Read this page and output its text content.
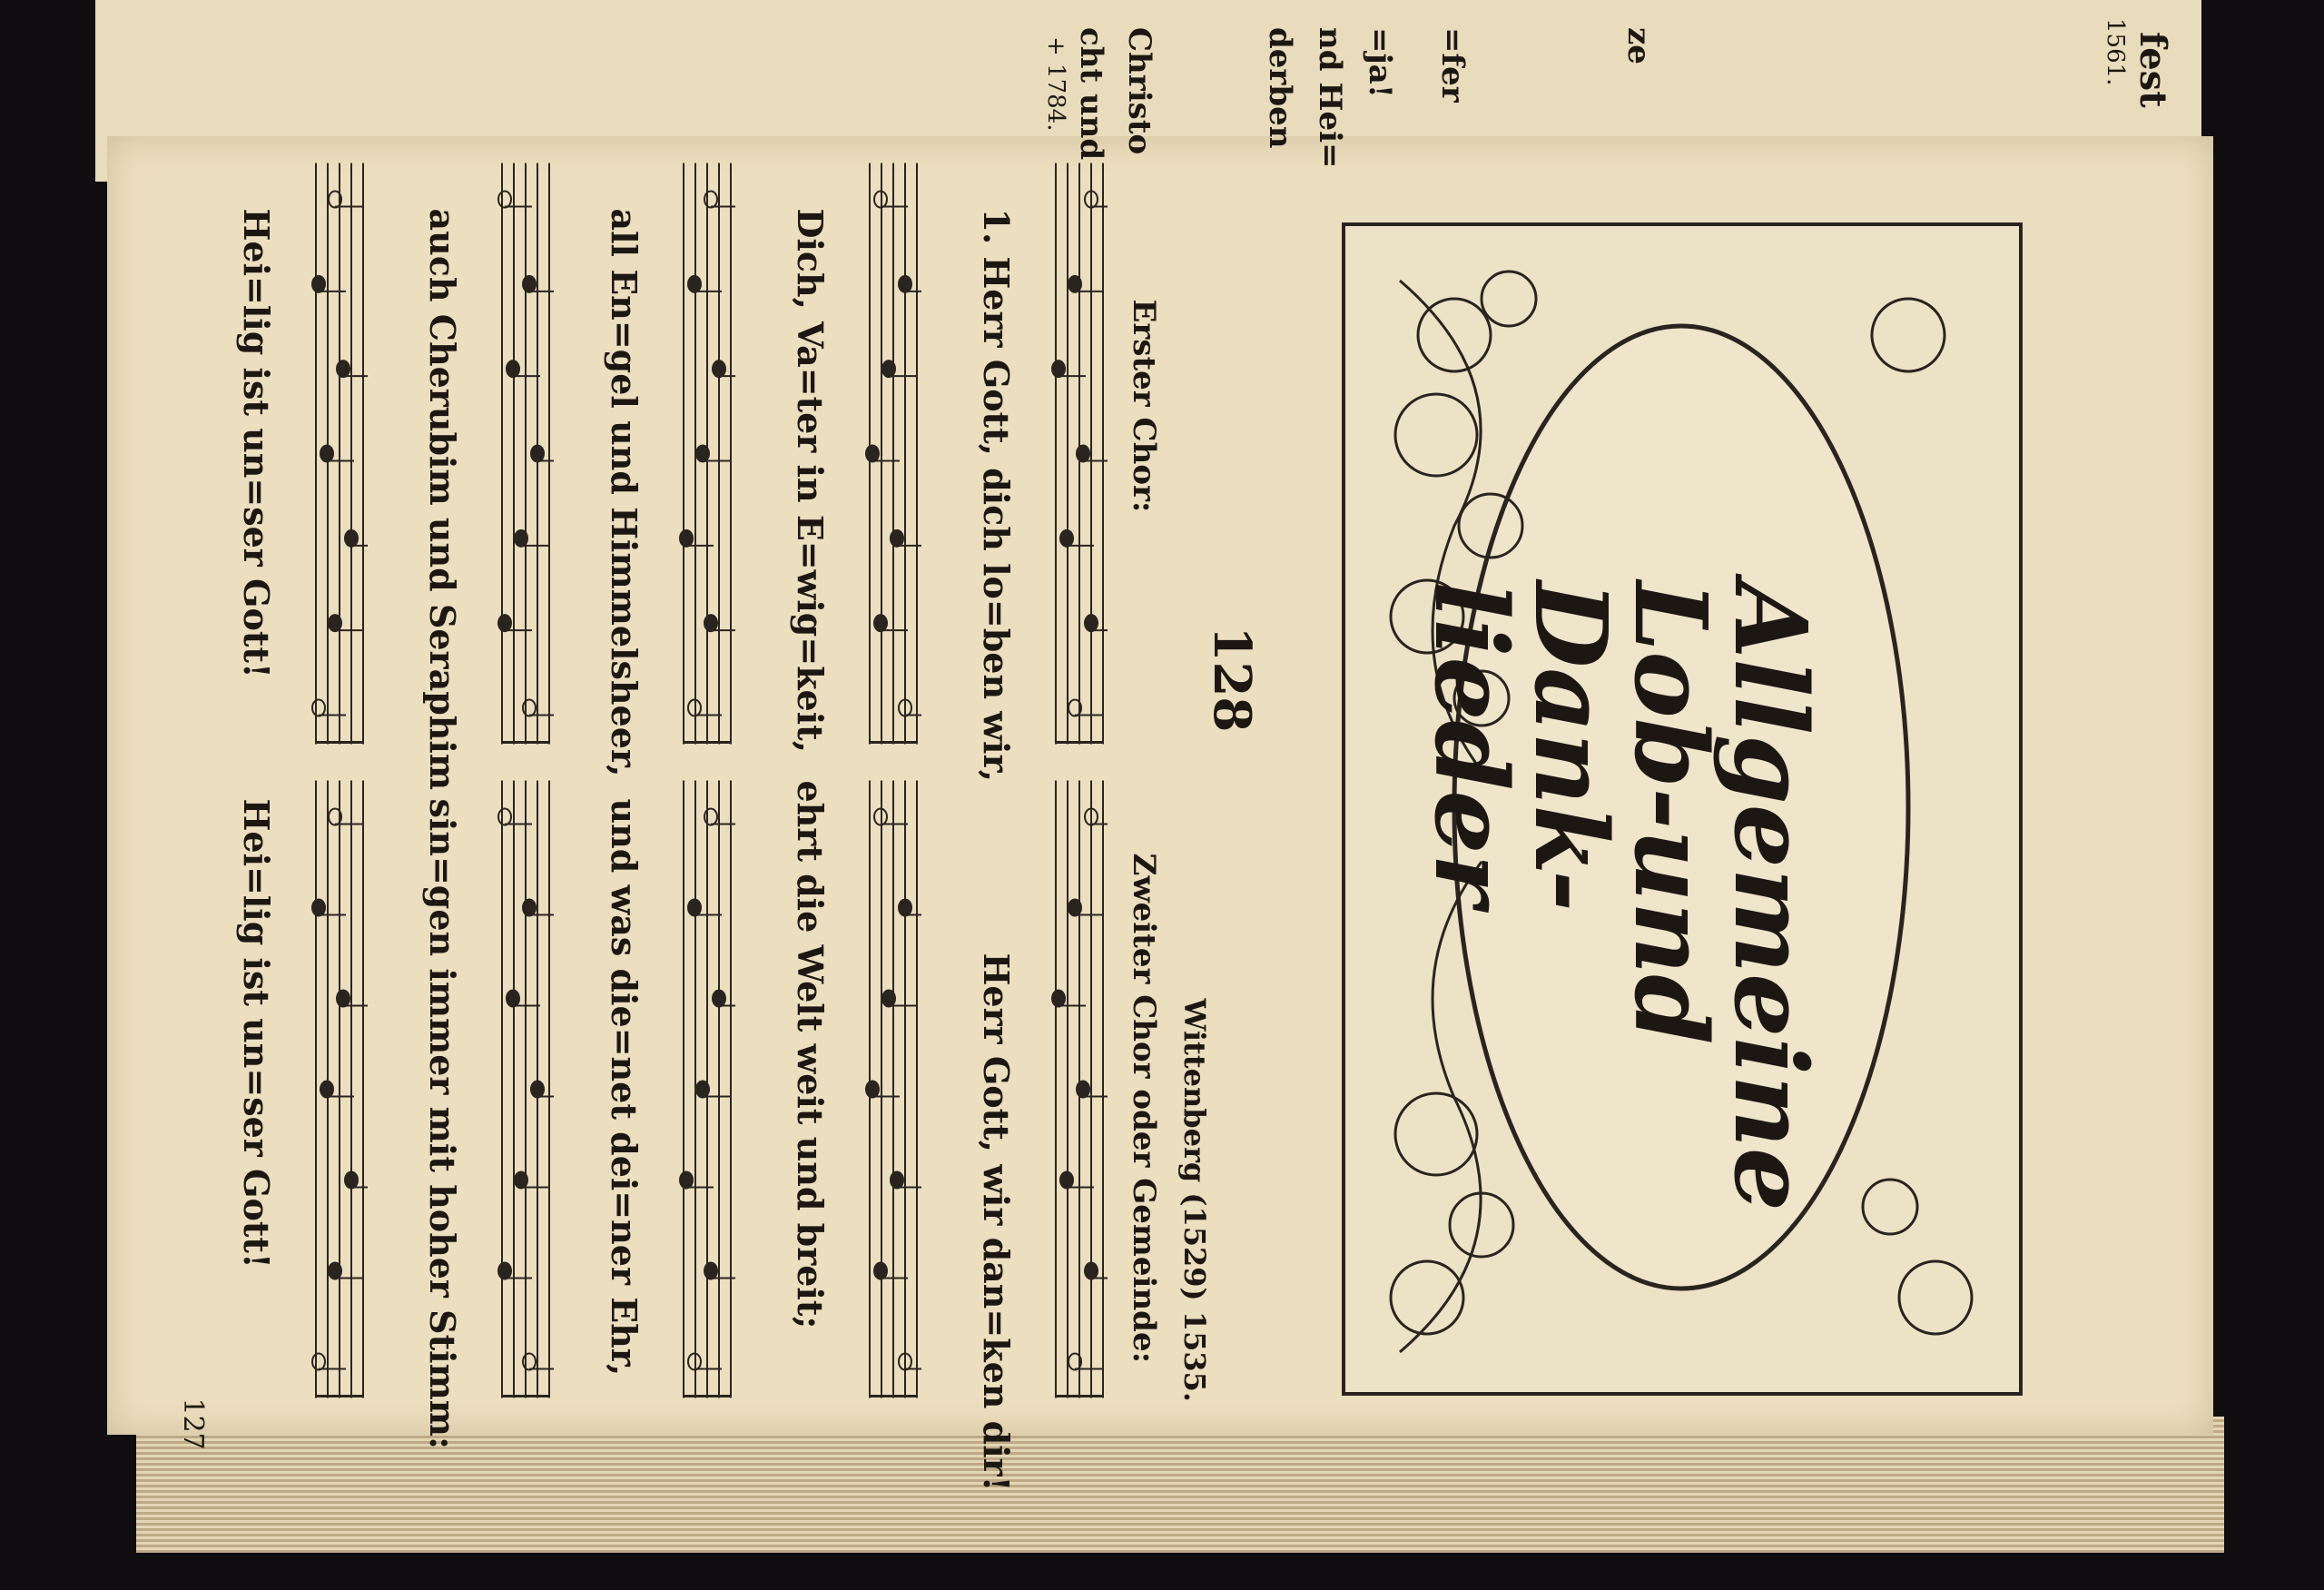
fest
1561.
=fer	ze
=ja!
nd Hei=
derben
Christo
cht und
+ 1784.
Allgemeine Lob-und Dank-lieder
128
Wittenberg (1529) 1535.
Erster Chor:
Zweiter Chor oder Gemeinde:
1. Herr Gott, dich lo=ben wir,
Herr Gott, wir dan=ken dir!
Dich, Va=ter in E=wig=keit,
ehrt die Welt weit und breit;
all En=gel und Himmelsheer,
und was die=net dei=ner Ehr,
auch Cherubim und Seraphim
sin=gen immer mit hoher Stimm:
Hei=lig ist un=ser Gott!
Hei=lig ist un=ser Gott!
127
